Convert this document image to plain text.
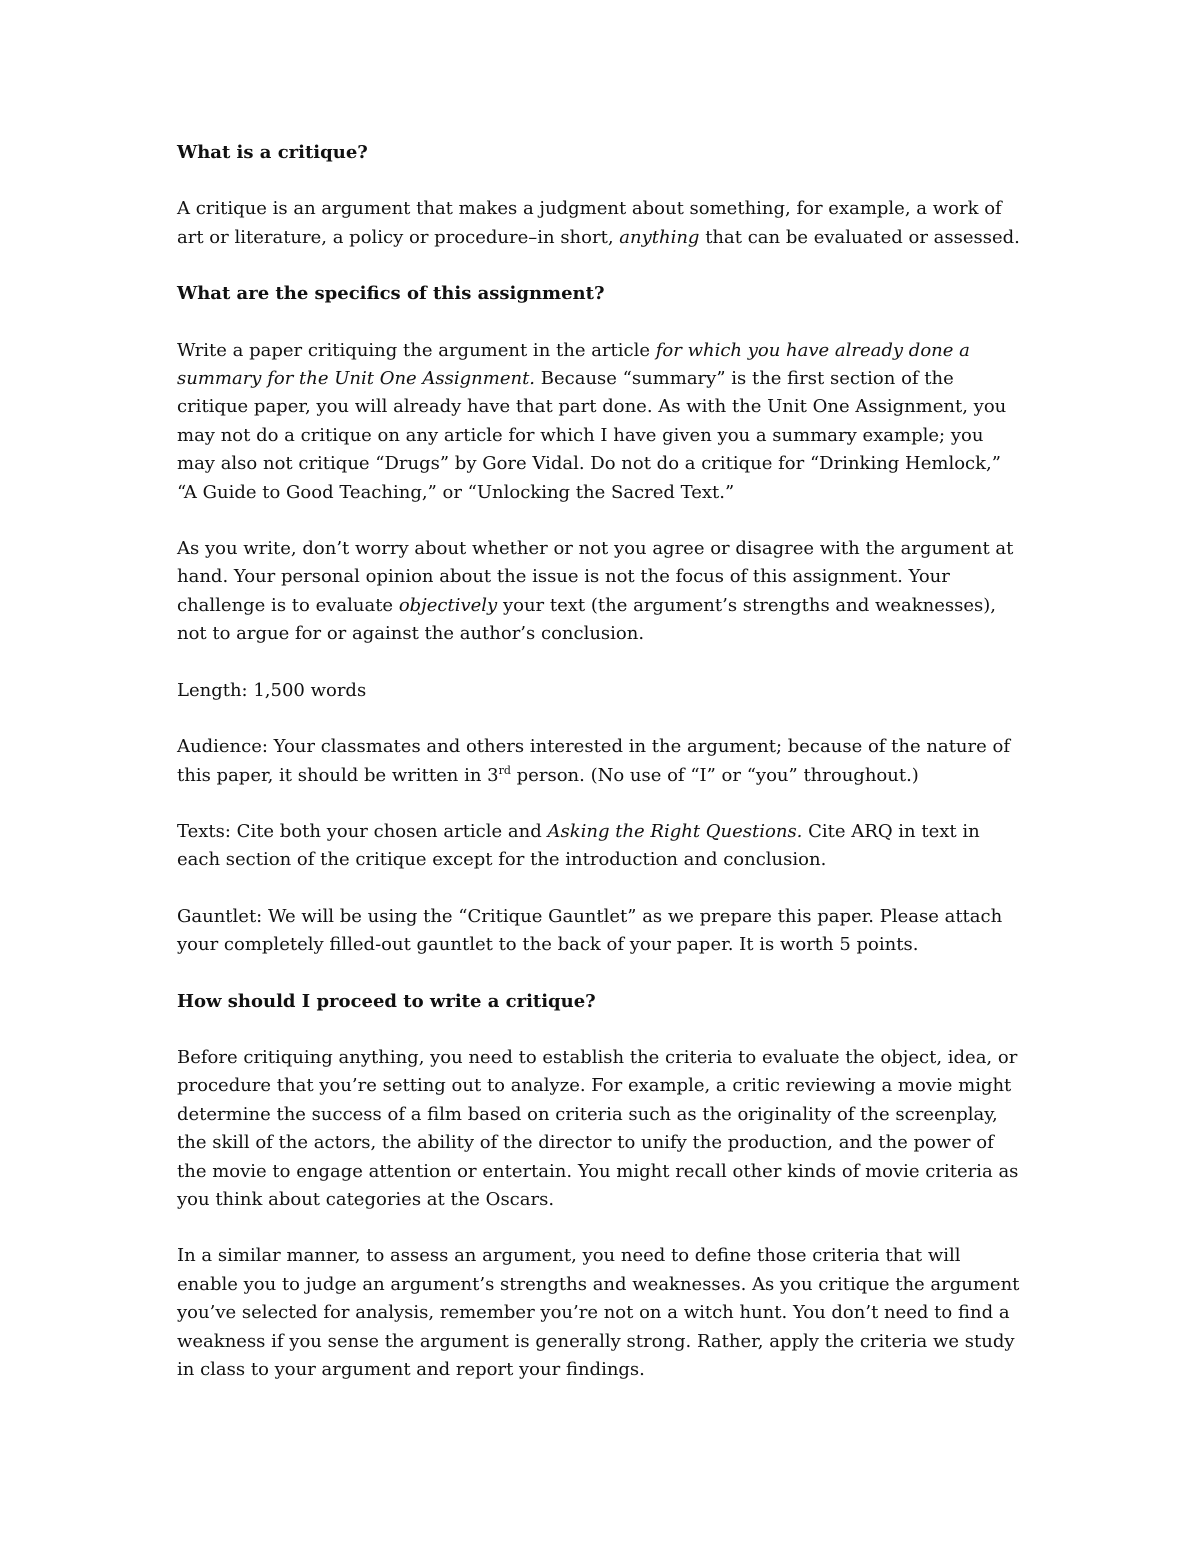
What is a critique?
A critique is an argument that makes a judgment about something, for example, a work of art or literature, a policy or procedure–in short, anything that can be evaluated or assessed.
What are the specifics of this assignment?
Write a paper critiquing the argument in the article for which you have already done a summary for the Unit One Assignment. Because “summary” is the first section of the critique paper, you will already have that part done. As with the Unit One Assignment, you may not do a critique on any article for which I have given you a summary example; you may also not critique “Drugs” by Gore Vidal. Do not do a critique for “Drinking Hemlock,” “A Guide to Good Teaching,” or “Unlocking the Sacred Text.”
As you write, don’t worry about whether or not you agree or disagree with the argument at hand. Your personal opinion about the issue is not the focus of this assignment. Your challenge is to evaluate objectively your text (the argument’s strengths and weaknesses), not to argue for or against the author’s conclusion.
Length: 1,500 words
Audience: Your classmates and others interested in the argument; because of the nature of this paper, it should be written in 3rd person. (No use of “I” or “you” throughout.)
Texts: Cite both your chosen article and Asking the Right Questions. Cite ARQ in text in each section of the critique except for the introduction and conclusion.
Gauntlet: We will be using the “Critique Gauntlet” as we prepare this paper. Please attach your completely filled-out gauntlet to the back of your paper. It is worth 5 points.
How should I proceed to write a critique?
Before critiquing anything, you need to establish the criteria to evaluate the object, idea, or procedure that you’re setting out to analyze. For example, a critic reviewing a movie might determine the success of a film based on criteria such as the originality of the screenplay, the skill of the actors, the ability of the director to unify the production, and the power of the movie to engage attention or entertain. You might recall other kinds of movie criteria as you think about categories at the Oscars.
In a similar manner, to assess an argument, you need to define those criteria that will enable you to judge an argument’s strengths and weaknesses. As you critique the argument you’ve selected for analysis, remember you’re not on a witch hunt. You don’t need to find a weakness if you sense the argument is generally strong. Rather, apply the criteria we study in class to your argument and report your findings.
